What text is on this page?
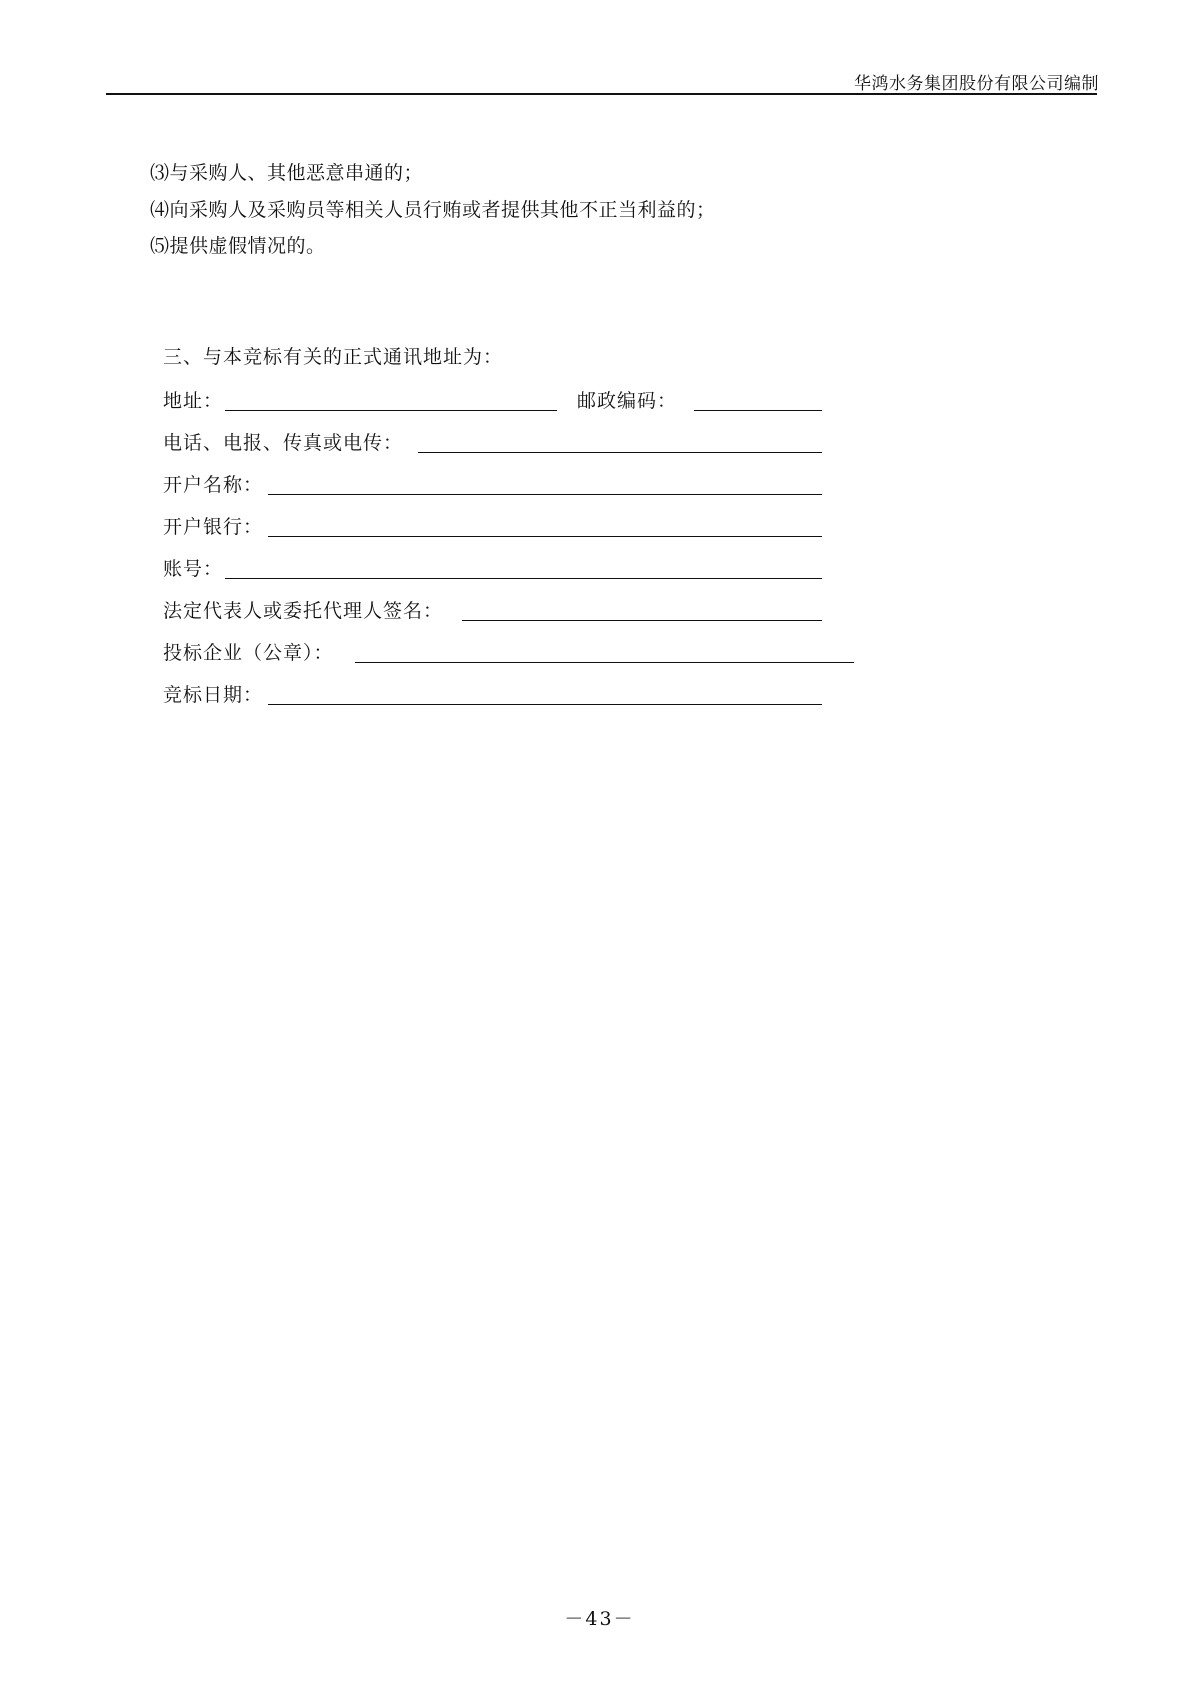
华鸿水务集团股份有限公司编制
⑶与采购人、其他恶意串通的；
⑷向采购人及采购员等相关人员行贿或者提供其他不正当利益的；
⑸提供虚假情况的。
三、与本竞标有关的正式通讯地址为：
地址：	邮政编码：
电话、电报、传真或电传：
开户名称：
开户银行：
账号：
法定代表人或委托代理人签名：
投标企业（公章）：
竞标日期：
－43－
